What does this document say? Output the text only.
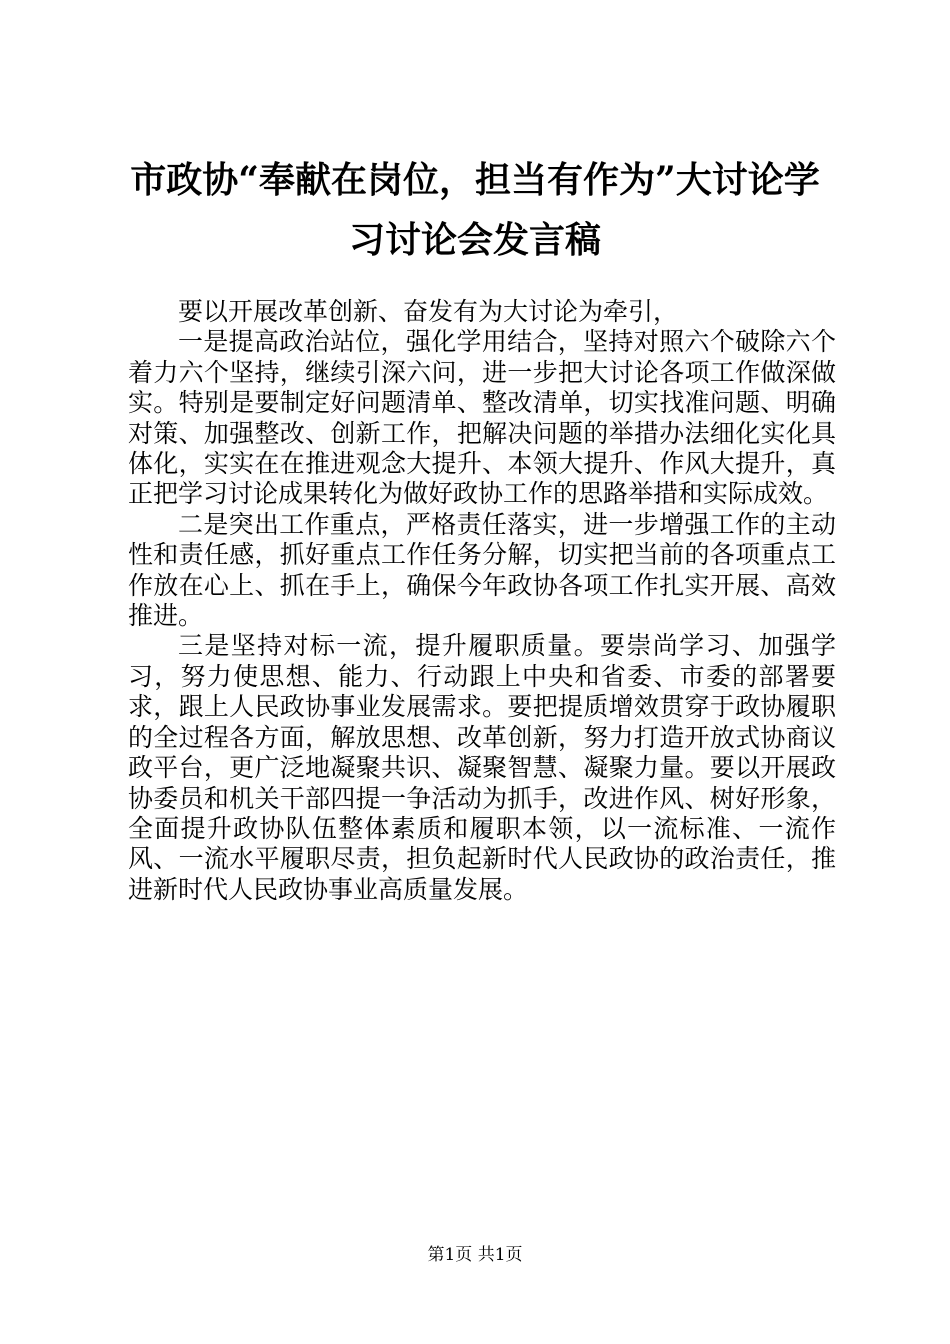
市政协“奉献在岗位，担当有作为”大讨论学
习讨论会发言稿

要以开展改革创新、奋发有为大讨论为牵引，

一是提高政治站位，强化学用结合，坚持对照六个破除六个着力六个坚持，继续引深六问，进一步把大讨论各项工作做深做实。特别是要制定好问题清单、整改清单，切实找准问题、明确对策、加强整改、创新工作，把解决问题的举措办法细化实化具体化，实实在在推进观念大提升、本领大提升、作风大提升，真正把学习讨论成果转化为做好政协工作的思路举措和实际成效。

二是突出工作重点，严格责任落实，进一步增强工作的主动性和责任感，抓好重点工作任务分解，切实把当前的各项重点工作放在心上、抓在手上，确保今年政协各项工作扎实开展、高效推进。

三是坚持对标一流，提升履职质量。要崇尚学习、加强学习，努力使思想、能力、行动跟上中央和省委、市委的部署要求，跟上人民政协事业发展需求。要把提质增效贯穿于政协履职的全过程各方面，解放思想、改革创新，努力打造开放式协商议政平台，更广泛地凝聚共识、凝聚智慧、凝聚力量。要以开展政协委员和机关干部四提一争活动为抓手，改进作风、树好形象，全面提升政协队伍整体素质和履职本领，以一流标准、一流作风、一流水平履职尽责，担负起新时代人民政协的政治责任，推进新时代人民政协事业高质量发展。

第1页 共1页
